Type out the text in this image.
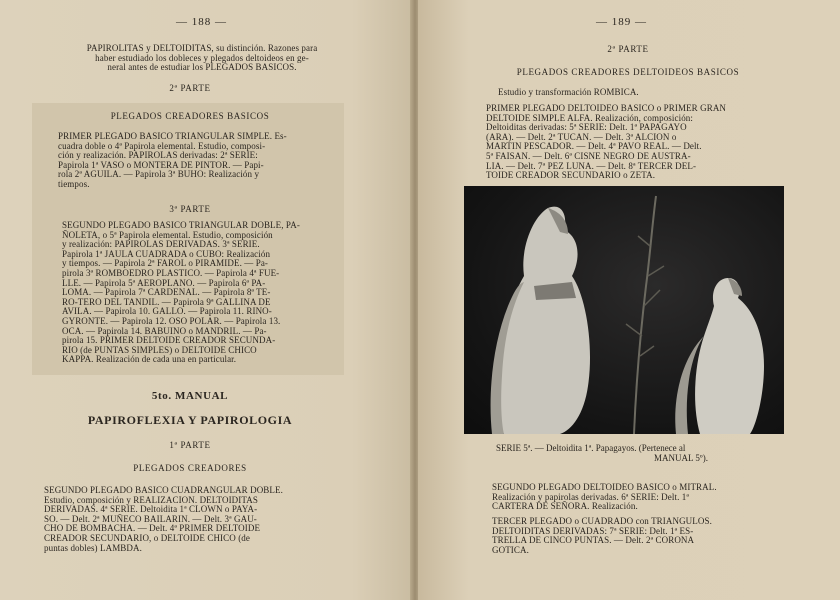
— 188 —

PAPIROLITAS y DELTOIDITAS, su distinción. Razones para

haber estudiado los dobleces y plegados deltoideos en ge-

neral antes de estudiar los PLEGADOS BASICOS.

2ª PARTE
PLEGADOS CREADORES BASICOS

PRIMER PLEGADO BASICO TRIANGULAR SIMPLE. Es-

cuadra doble o 4ª Papirola elemental. Estudio, composi-

ción y realización. PAPIROLAS derivadas: 2ª SERIE:

Papirola 1ª VASO o MONTERA DE PINTOR. — Papi-

rola 2ª AGUILA. — Papirola 3ª BUHO: Realización y

tiempos.

3ª PARTE

SEGUNDO PLEGADO BASICO TRIANGULAR DOBLE, PA-

ÑOLETA, o 5ª Papirola elemental. Estudio, composición

y realización: PAPIROLAS DERIVADAS. 3ª SERIE.

Papirola 1ª JAULA CUADRADA o CUBO: Realización

y tiempos. — Papirola 2ª FAROL o PIRAMIDE. — Pa-

pirola 3ª ROMBOEDRO PLASTICO. — Papirola 4ª FUE-

LLE. — Papirola 5ª AEROPLANO. — Papirola 6ª PA-

LOMA. — Papirola 7ª CARDENAL. — Papirola 8ª TE-

RO-TERO DEL TANDIL. — Papirola 9ª GALLINA DE

AVILA. — Papirola 10. GALLO. — Papirola 11. RINO-

GYRONTE. — Papirola 12. OSO POLAR. — Papirola 13.

OCA. — Papirola 14. BABUINO o MANDRIL. — Pa-

pirola 15. PRIMER DELTOIDE CREADOR SECUNDA-

RIO (de PUNTAS SIMPLES) o DELTOIDE CHICO

KAPPA. Realización de cada una en particular.

5to. MANUAL
PAPIROFLEXIA Y PAPIROLOGIA
1ª PARTE
PLEGADOS CREADORES

SEGUNDO PLEGADO BASICO CUADRANGULAR DOBLE.

Estudio, composición y REALIZACION. DELTOIDITAS

DERIVADAS. 4ª SERIE. Deltoidita 1ª CLOWN o PAYA-

SO. — Delt. 2ª MUÑECO BAILARIN. — Delt. 3ª GAU-

CHO DE BOMBACHA. — Delt. 4ª PRIMER DELTOIDE

CREADOR SECUNDARIO, o DELTOIDE CHICO (de

puntas dobles) LAMBDA.

— 189 —
2ª PARTE
PLEGADOS CREADORES DELTOIDEOS BASICOS
Estudio y transformación ROMBICA.

PRIMER PLEGADO DELTOIDEO BASICO o PRIMER GRAN

DELTOIDE SIMPLE ALFA. Realización, composición:

Deltoiditas derivadas: 5ª SERIE: Delt. 1ª PAPAGAYO

(ARA). — Delt. 2ª TUCAN. — Delt. 3ª ALCION o

MARTIN PESCADOR. — Delt. 4ª PAVO REAL. — Delt.

5ª FAISAN. — Delt. 6ª CISNE NEGRO DE AUSTRA-

LIA. — Delt. 7ª PEZ LUNA. — Delt. 8ª TERCER DEL-

TOIDE CREADOR SECUNDARIO o ZETA.

SERIE 5ª. — Deltoidita 1ª. Papagayos. (Pertenece al

MANUAL 5º).

SEGUNDO PLEGADO DELTOIDEO BASICO o MITRAL.

Realización y papirolas derivadas. 6ª SERIE: Delt. 1ª

CARTERA DE SEÑORA. Realización.

TERCER PLEGADO o CUADRADO con TRIANGULOS.

DELTOIDITAS DERIVADAS: 7ª SERIE: Delt. 1ª ES-

TRELLA DE CINCO PUNTAS. — Delt. 2ª CORONA

GOTICA.
